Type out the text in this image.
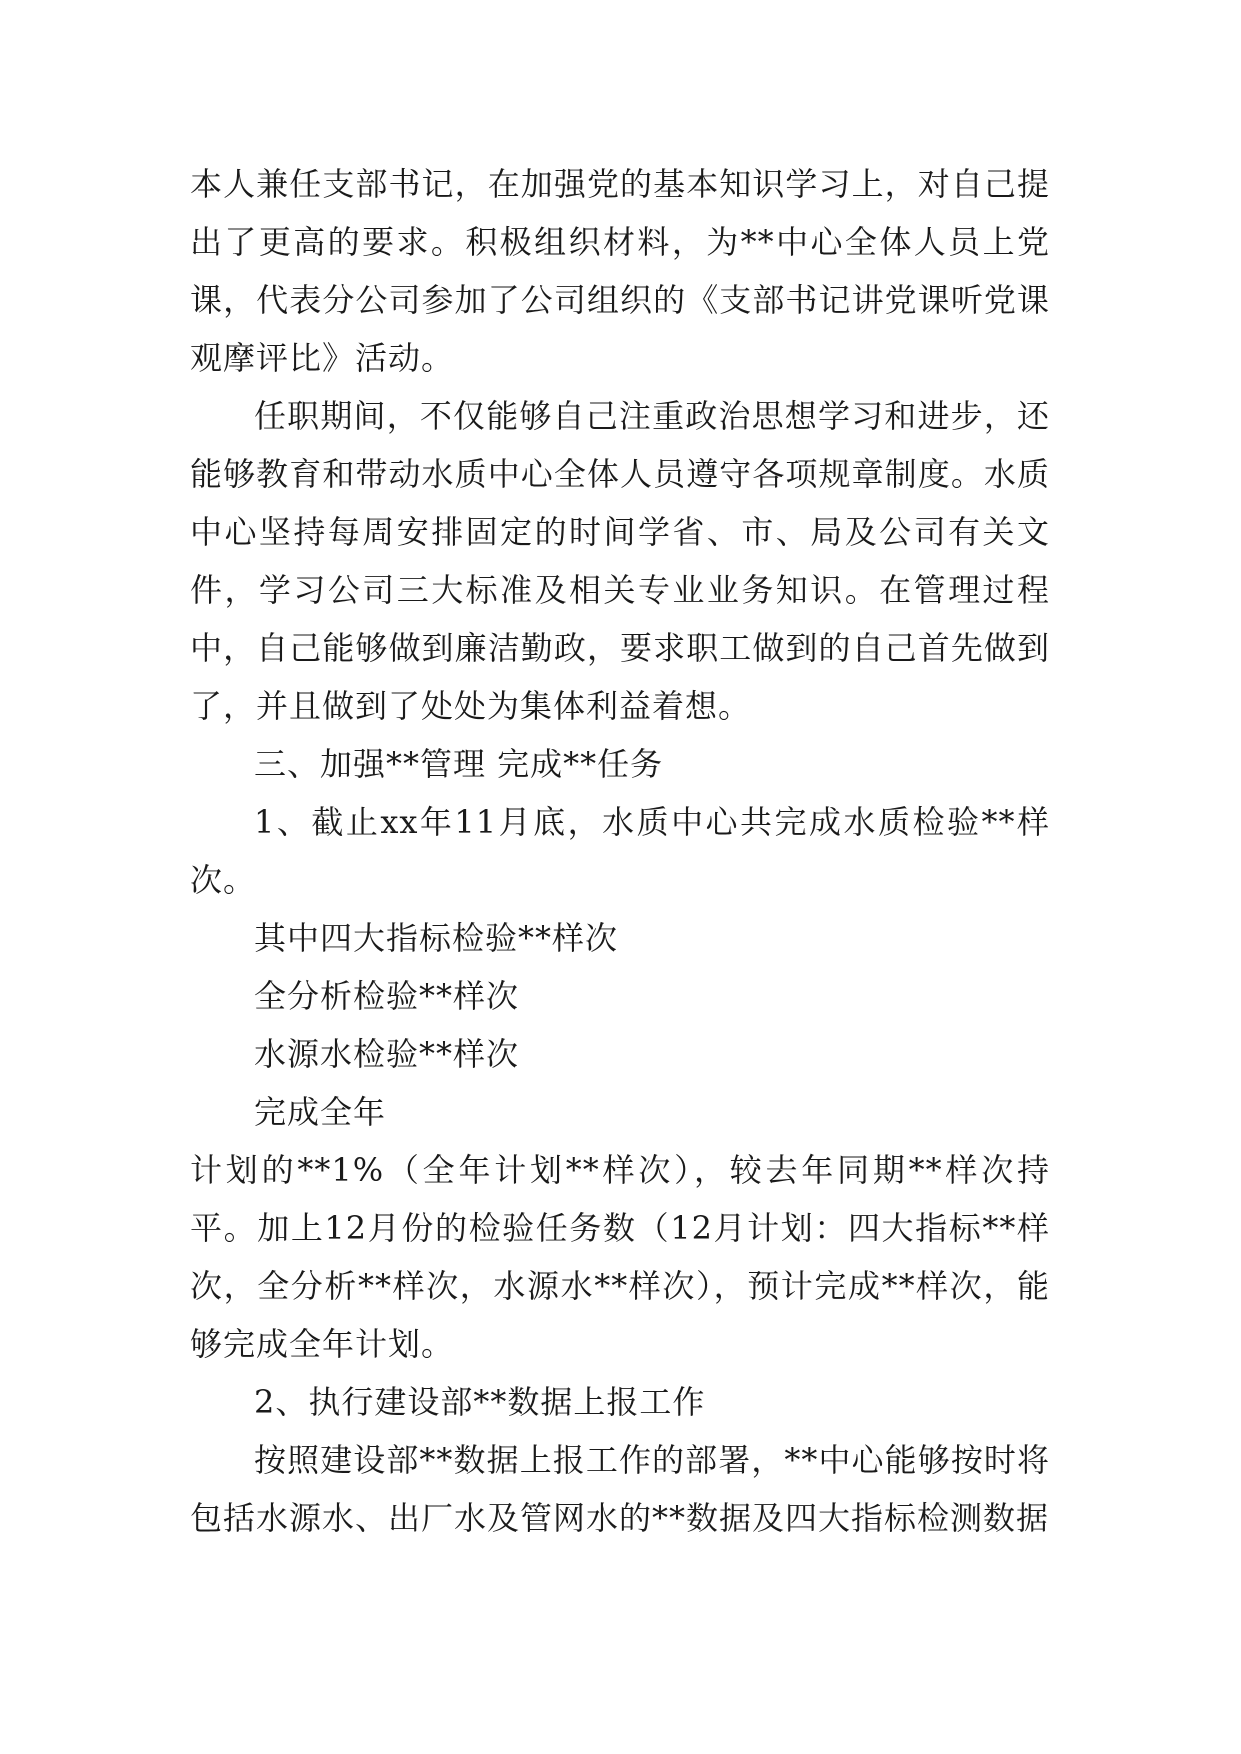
本人兼任支部书记，在加强党的基本知识学习上，对自己提出了更高的要求。积极组织材料，为**中心全体人员上党课，代表分公司参加了公司组织的《支部书记讲党课听党课观摩评比》活动。

任职期间，不仅能够自己注重政治思想学习和进步，还能够教育和带动水质中心全体人员遵守各项规章制度。水质中心坚持每周安排固定的时间学省、市、局及公司有关文件，学习公司三大标准及相关专业业务知识。在管理过程中，自己能够做到廉洁勤政，要求职工做到的自己首先做到了，并且做到了处处为集体利益着想。

三、加强**管理 完成**任务

1、截止xx年11月底，水质中心共完成水质检验**样次。

其中四大指标检验**样次

全分析检验**样次

水源水检验**样次

完成全年

计划的**1%（全年计划**样次），较去年同期**样次持平。加上12月份的检验任务数（12月计划：四大指标**样次，全分析**样次，水源水**样次），预计完成**样次，能够完成全年计划。

2、执行建设部**数据上报工作

按照建设部**数据上报工作的部署，**中心能够按时将包括水源水、出厂水及管网水的**数据及四大指标检测数据
